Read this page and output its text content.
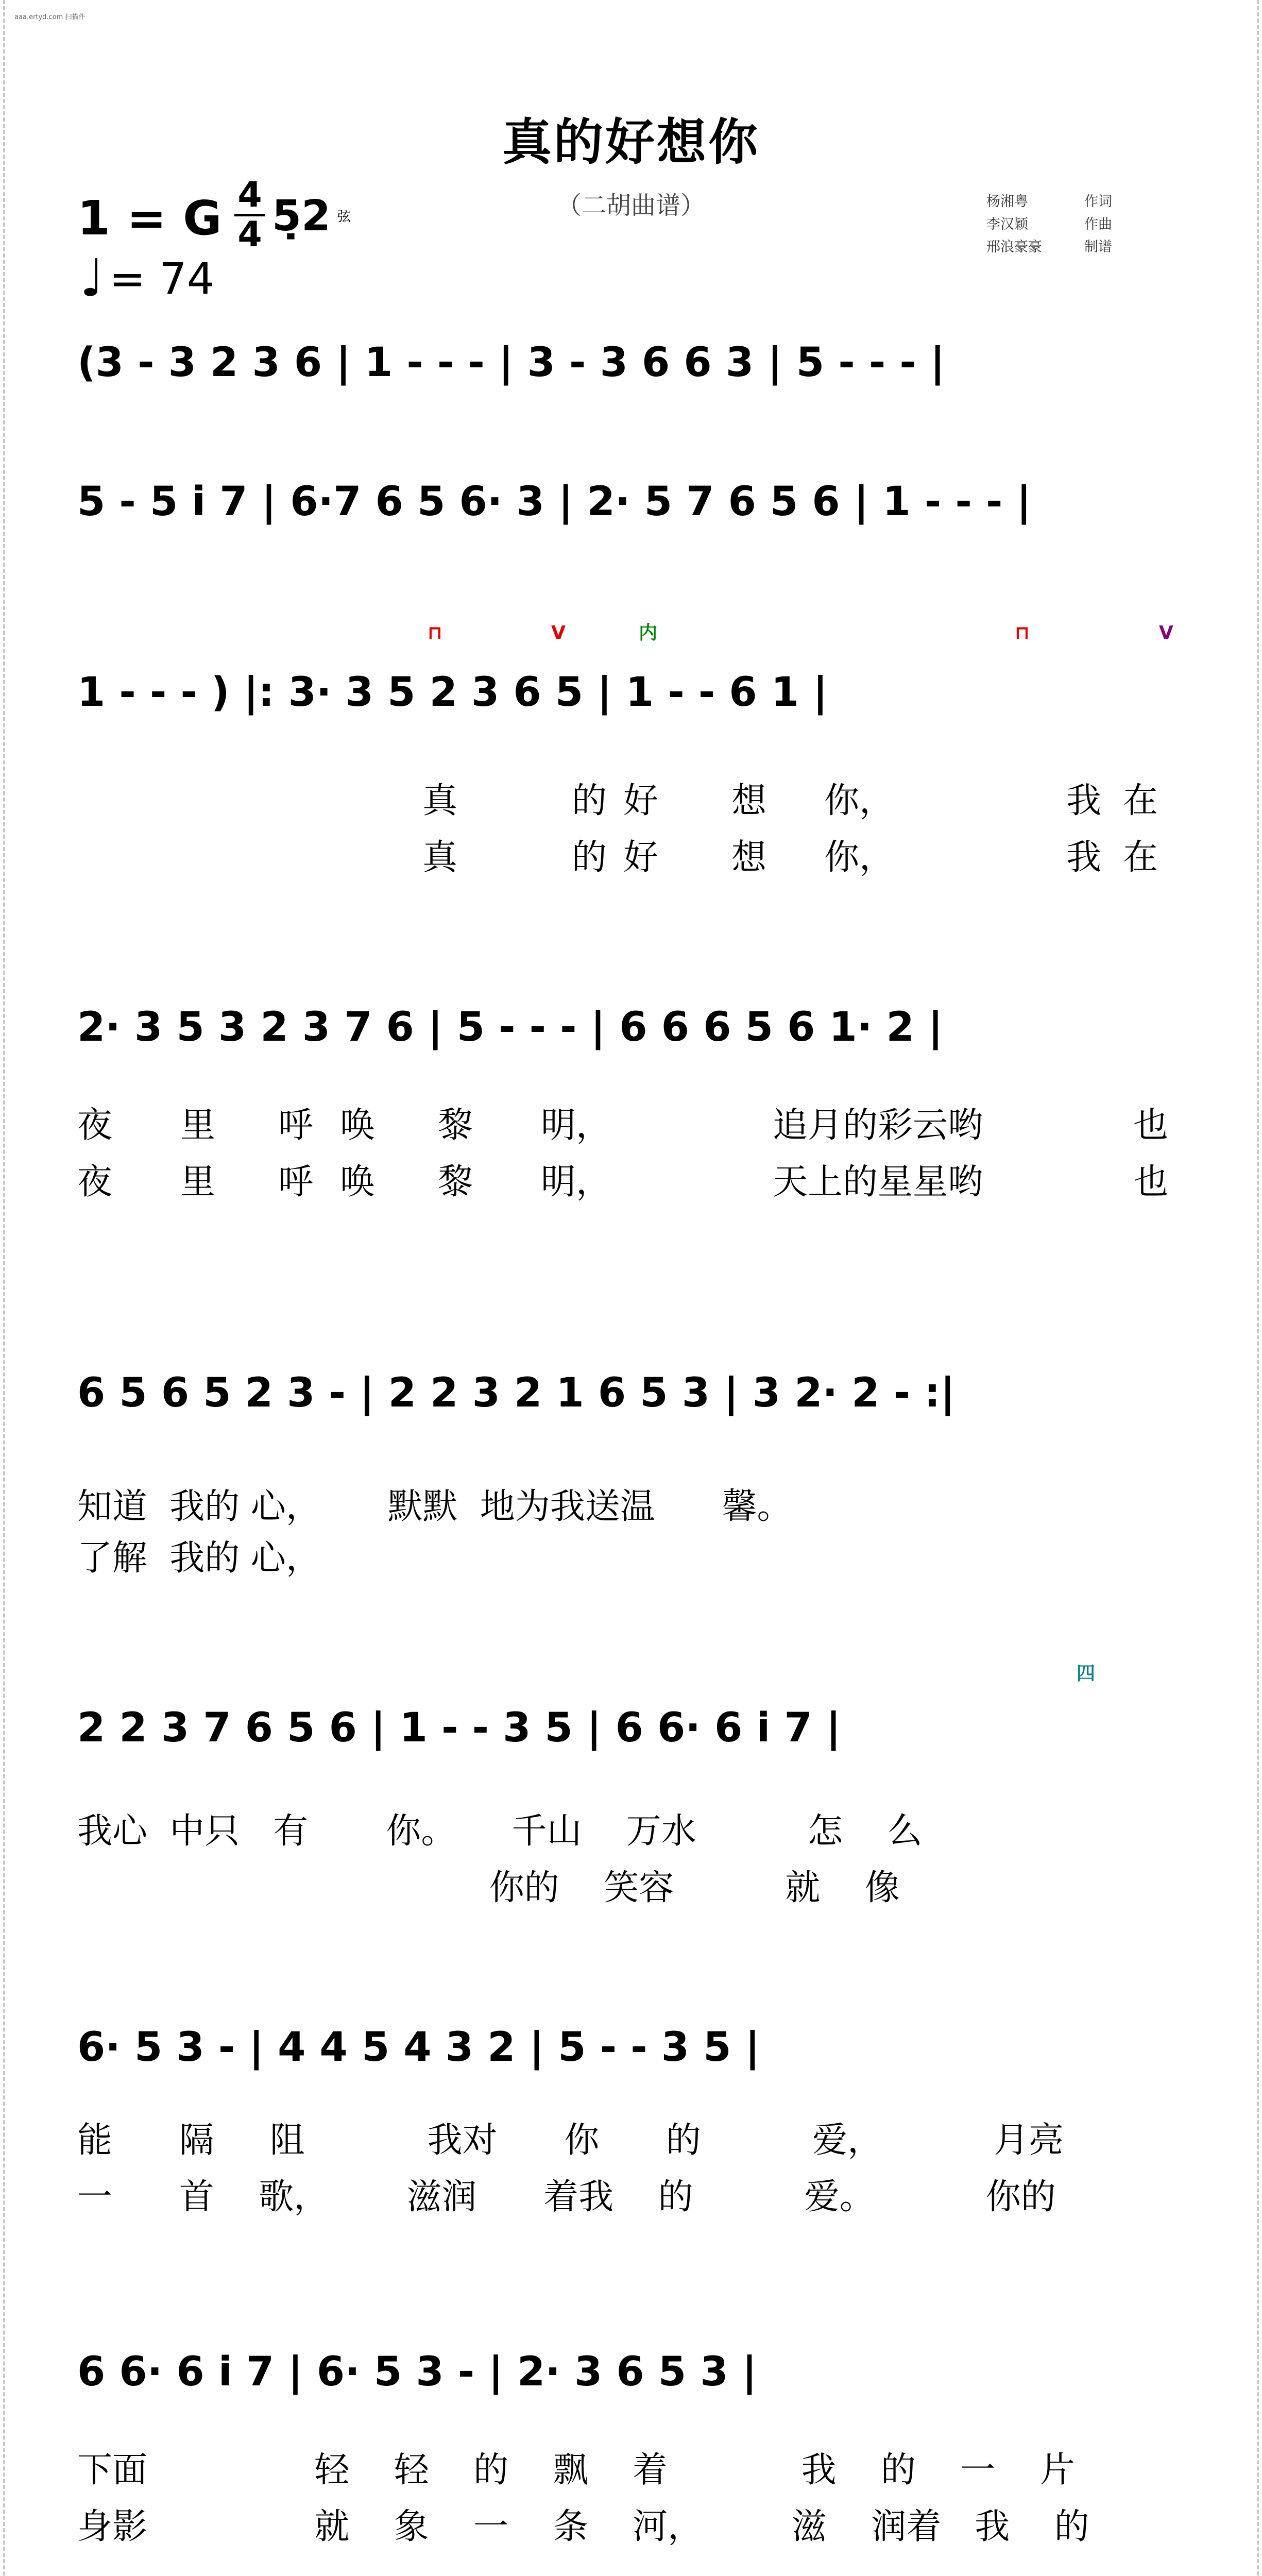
aaa.ertyd.com 扫描件
真的好想你
（二胡曲谱）
1 = G 4
4 5̣2 弦
♩ = 74
杨湘粤	作词
李汉颖	作曲
邢浪豪豪	制谱
(3 - 3 2 3 6 | 1 - - - | 3 - 3 6 6 3 | 5 - - - |
5 - 5 i 7 | 6·7 6 5 6· 3 | 2· 5 7 6 5 6 | 1 - - - |
1 - - - ) |: 3· 3 5 2 3 6 5 | 1 - - 6 1 |
真	的 好 想 你，	我 在
真	的 好 想 你，	我 在
2· 3 5 3 2 3 7 6 | 5 - - - | 6 6 6 5 6 1· 2 |
夜 里 呼 唤 黎 明，	追月的彩云哟	也
夜 里 呼 唤 黎 明，	天上的星星哟	也
6 5 6 5 2 3 - | 2 2 3 2 1 6 5 3 | 3 2· 2 - :|
知道  我的 心，      默默  地为我送温      馨。
了解  我的 心，
2 2 3 7 6 5 6 | 1 - - 3 5 | 6 6· 6 i 7 |
我心  中只   有       你。     千山    万水          怎    么
你的    笑容          就    像
6· 5 3 - | 4 4 5 4 3 2 | 5 - - 3 5 |
能      隔     阻           我对      你      的          爱，          月亮
一      首    歌，       滋润      着我    的          爱。          你的
6 6· 6 i 7 | 6· 5 3 - | 2· 3 6 5 3 |
下面               轻    轻    的    飘    着            我    的    一    片
身影               就    象    一    条    河，        滋    润着   我    的
⊓	V	内	⊓	V
四
